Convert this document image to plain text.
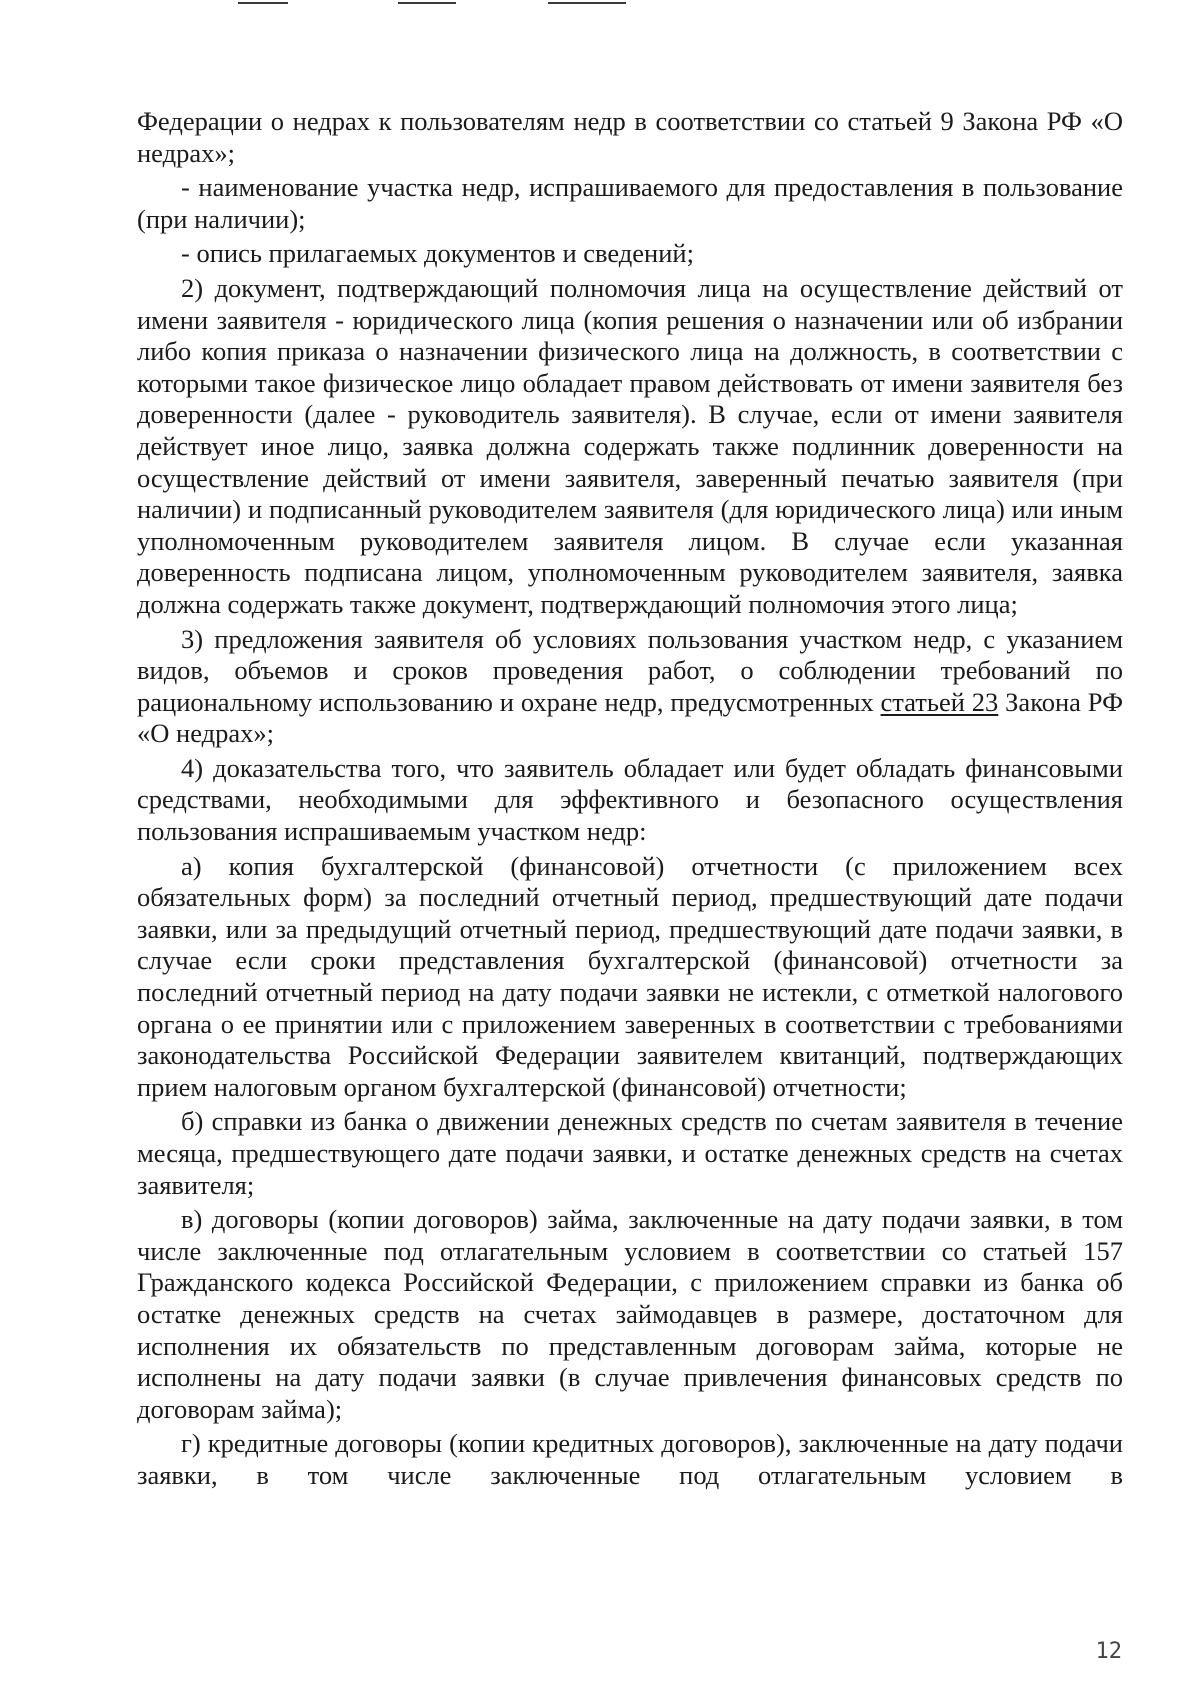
Федерации о недрах к пользователям недр в соответствии со статьей 9 Закона РФ «О недрах»;

- наименование участка недр, испрашиваемого для предоставления в пользование (при наличии);

- опись прилагаемых документов и сведений;

2) документ, подтверждающий полномочия лица на осуществление действий от имени заявителя - юридического лица (копия решения о назначении или об избрании либо копия приказа о назначении физического лица на должность, в соответствии с которыми такое физическое лицо обладает правом действовать от имени заявителя без доверенности (далее - руководитель заявителя). В случае, если от имени заявителя действует иное лицо, заявка должна содержать также подлинник доверенности на осуществление действий от имени заявителя, заверенный печатью заявителя (при наличии) и подписанный руководителем заявителя (для юридического лица) или иным уполномоченным руководителем заявителя лицом. В случае если указанная доверенность подписана лицом, уполномоченным руководителем заявителя, заявка должна содержать также документ, подтверждающий полномочия этого лица;

3) предложения заявителя об условиях пользования участком недр, с указанием видов, объемов и сроков проведения работ, о соблюдении требований по рациональному использованию и охране недр, предусмотренных статьей 23 Закона РФ «О недрах»;

4) доказательства того, что заявитель обладает или будет обладать финансовыми средствами, необходимыми для эффективного и безопасного осуществления пользования испрашиваемым участком недр:

а) копия бухгалтерской (финансовой) отчетности (с приложением всех обязательных форм) за последний отчетный период, предшествующий дате подачи заявки, или за предыдущий отчетный период, предшествующий дате подачи заявки, в случае если сроки представления бухгалтерской (финансовой) отчетности за последний отчетный период на дату подачи заявки не истекли, с отметкой налогового органа о ее принятии или с приложением заверенных в соответствии с требованиями законодательства Российской Федерации заявителем квитанций, подтверждающих прием налоговым органом бухгалтерской (финансовой) отчетности;

б) справки из банка о движении денежных средств по счетам заявителя в течение месяца, предшествующего дате подачи заявки, и остатке денежных средств на счетах заявителя;

в) договоры (копии договоров) займа, заключенные на дату подачи заявки, в том числе заключенные под отлагательным условием в соответствии со статьей 157 Гражданского кодекса Российской Федерации, с приложением справки из банка об остатке денежных средств на счетах займодавцев в размере, достаточном для исполнения их обязательств по представленным договорам займа, которые не исполнены на дату подачи заявки (в случае привлечения финансовых средств по договорам займа);

г) кредитные договоры (копии кредитных договоров), заключенные на дату подачи заявки, в том числе заключенные под отлагательным условием в

12
